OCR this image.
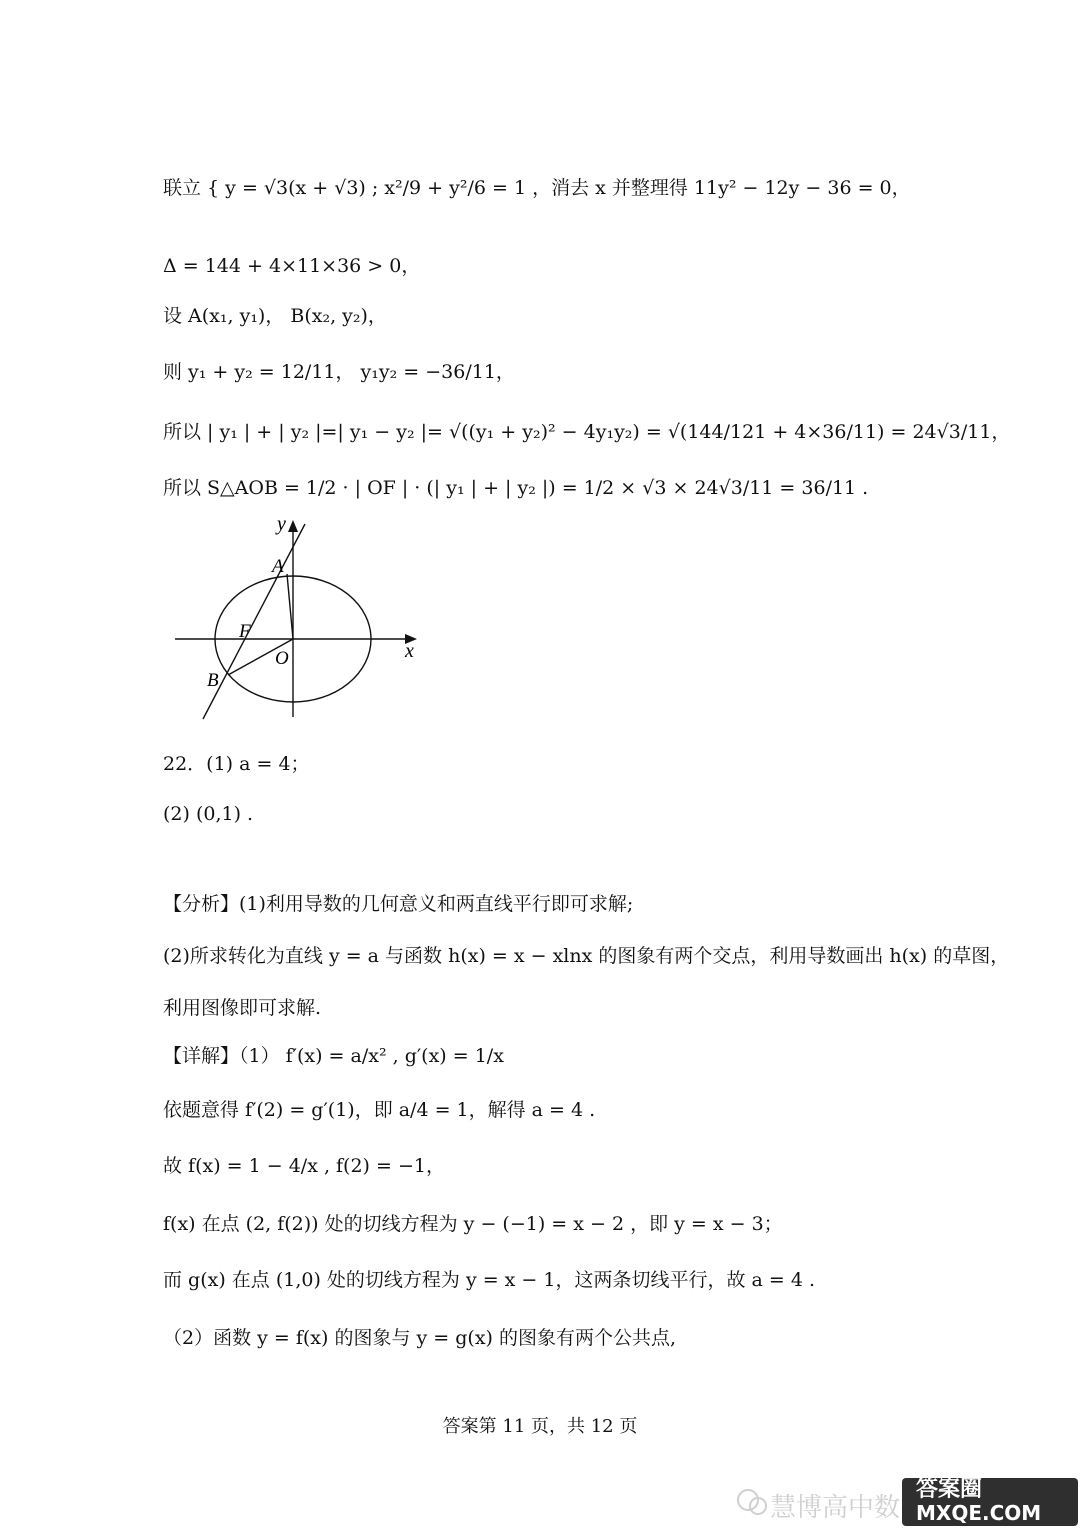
联立 { y = √3(x + √3) ; x²/9 + y²/6 = 1 ，消去 x 并整理得 11y² − 12y − 36 = 0，
Δ = 144 + 4×11×36 > 0，
设 A(x₁, y₁)， B(x₂, y₂)，
则 y₁ + y₂ = 12/11， y₁y₂ = −36/11，
所以 | y₁ | + | y₂ |=| y₁ − y₂ |= √((y₁ + y₂)² − 4y₁y₂) = √(144/121 + 4×36/11) = 24√3/11，
所以 S△AOB = 1/2 · | OF | · (| y₁ | + | y₂ |) = 1/2 × √3 × 24√3/11 = 36/11 .
y
x
A
F
O
B
22．(1) a = 4；
(2) (0,1) .
【分析】(1)利用导数的几何意义和两直线平行即可求解;
(2)所求转化为直线 y = a 与函数 h(x) = x − xlnx 的图象有两个交点，利用导数画出 h(x) 的草图，
利用图像即可求解.
【详解】（1） f′(x) = a/x² , g′(x) = 1/x
依题意得 f′(2) = g′(1)，即 a/4 = 1，解得 a = 4 .
故 f(x) = 1 − 4/x , f(2) = −1，
f(x) 在点 (2, f(2)) 处的切线方程为 y − (−1) = x − 2 ，即 y = x − 3；
而 g(x) 在点 (1,0) 处的切线方程为 y = x − 1，这两条切线平行，故 a = 4 .
（2）函数 y = f(x) 的图象与 y = g(x) 的图象有两个公共点,
答案第 11 页，共 12 页
慧博高中数
答案圈
MXQE.COM
